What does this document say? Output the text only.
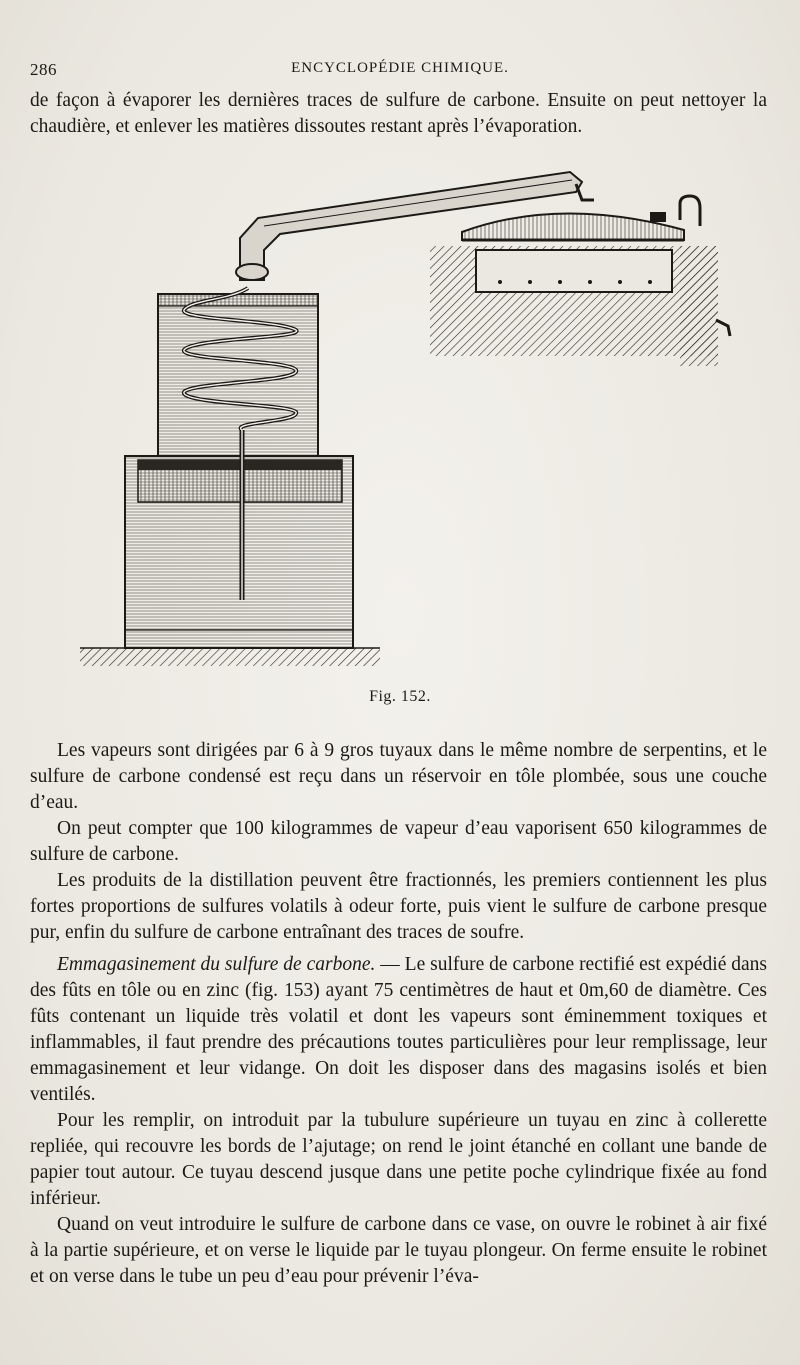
286	ENCYCLOPÉDIE CHIMIQUE.

de façon à évaporer les dernières traces de sulfure de carbone. Ensuite on peut nettoyer la chaudière, et enlever les matières dissoutes restant après l’évaporation.

Fig. 152.

Les vapeurs sont dirigées par 6 à 9 gros tuyaux dans le même nombre de serpentins, et le sulfure de carbone condensé est reçu dans un réservoir en tôle plombée, sous une couche d’eau.

On peut compter que 100 kilogrammes de vapeur d’eau vaporisent 650 kilogrammes de sulfure de carbone.

Les produits de la distillation peuvent être fractionnés, les premiers contiennent les plus fortes proportions de sulfures volatils à odeur forte, puis vient le sulfure de carbone presque pur, enfin du sulfure de carbone entraînant des traces de soufre.

Emmagasinement du sulfure de carbone. — Le sulfure de carbone rectifié est expédié dans des fûts en tôle ou en zinc (fig. 153) ayant 75 centimètres de haut et 0m,60 de diamètre. Ces fûts contenant un liquide très volatil et dont les vapeurs sont éminemment toxiques et inflammables, il faut prendre des précautions toutes particulières pour leur remplissage, leur emmagasinement et leur vidange. On doit les disposer dans des magasins isolés et bien ventilés.

Pour les remplir, on introduit par la tubulure supérieure un tuyau en zinc à collerette repliée, qui recouvre les bords de l’ajutage; on rend le joint étanché en collant une bande de papier tout autour. Ce tuyau descend jusque dans une petite poche cylindrique fixée au fond inférieur.

Quand on veut introduire le sulfure de carbone dans ce vase, on ouvre le robinet à air fixé à la partie supérieure, et on verse le liquide par le tuyau plongeur. On ferme ensuite le robinet et on verse dans le tube un peu d’eau pour prévenir l’éva-
